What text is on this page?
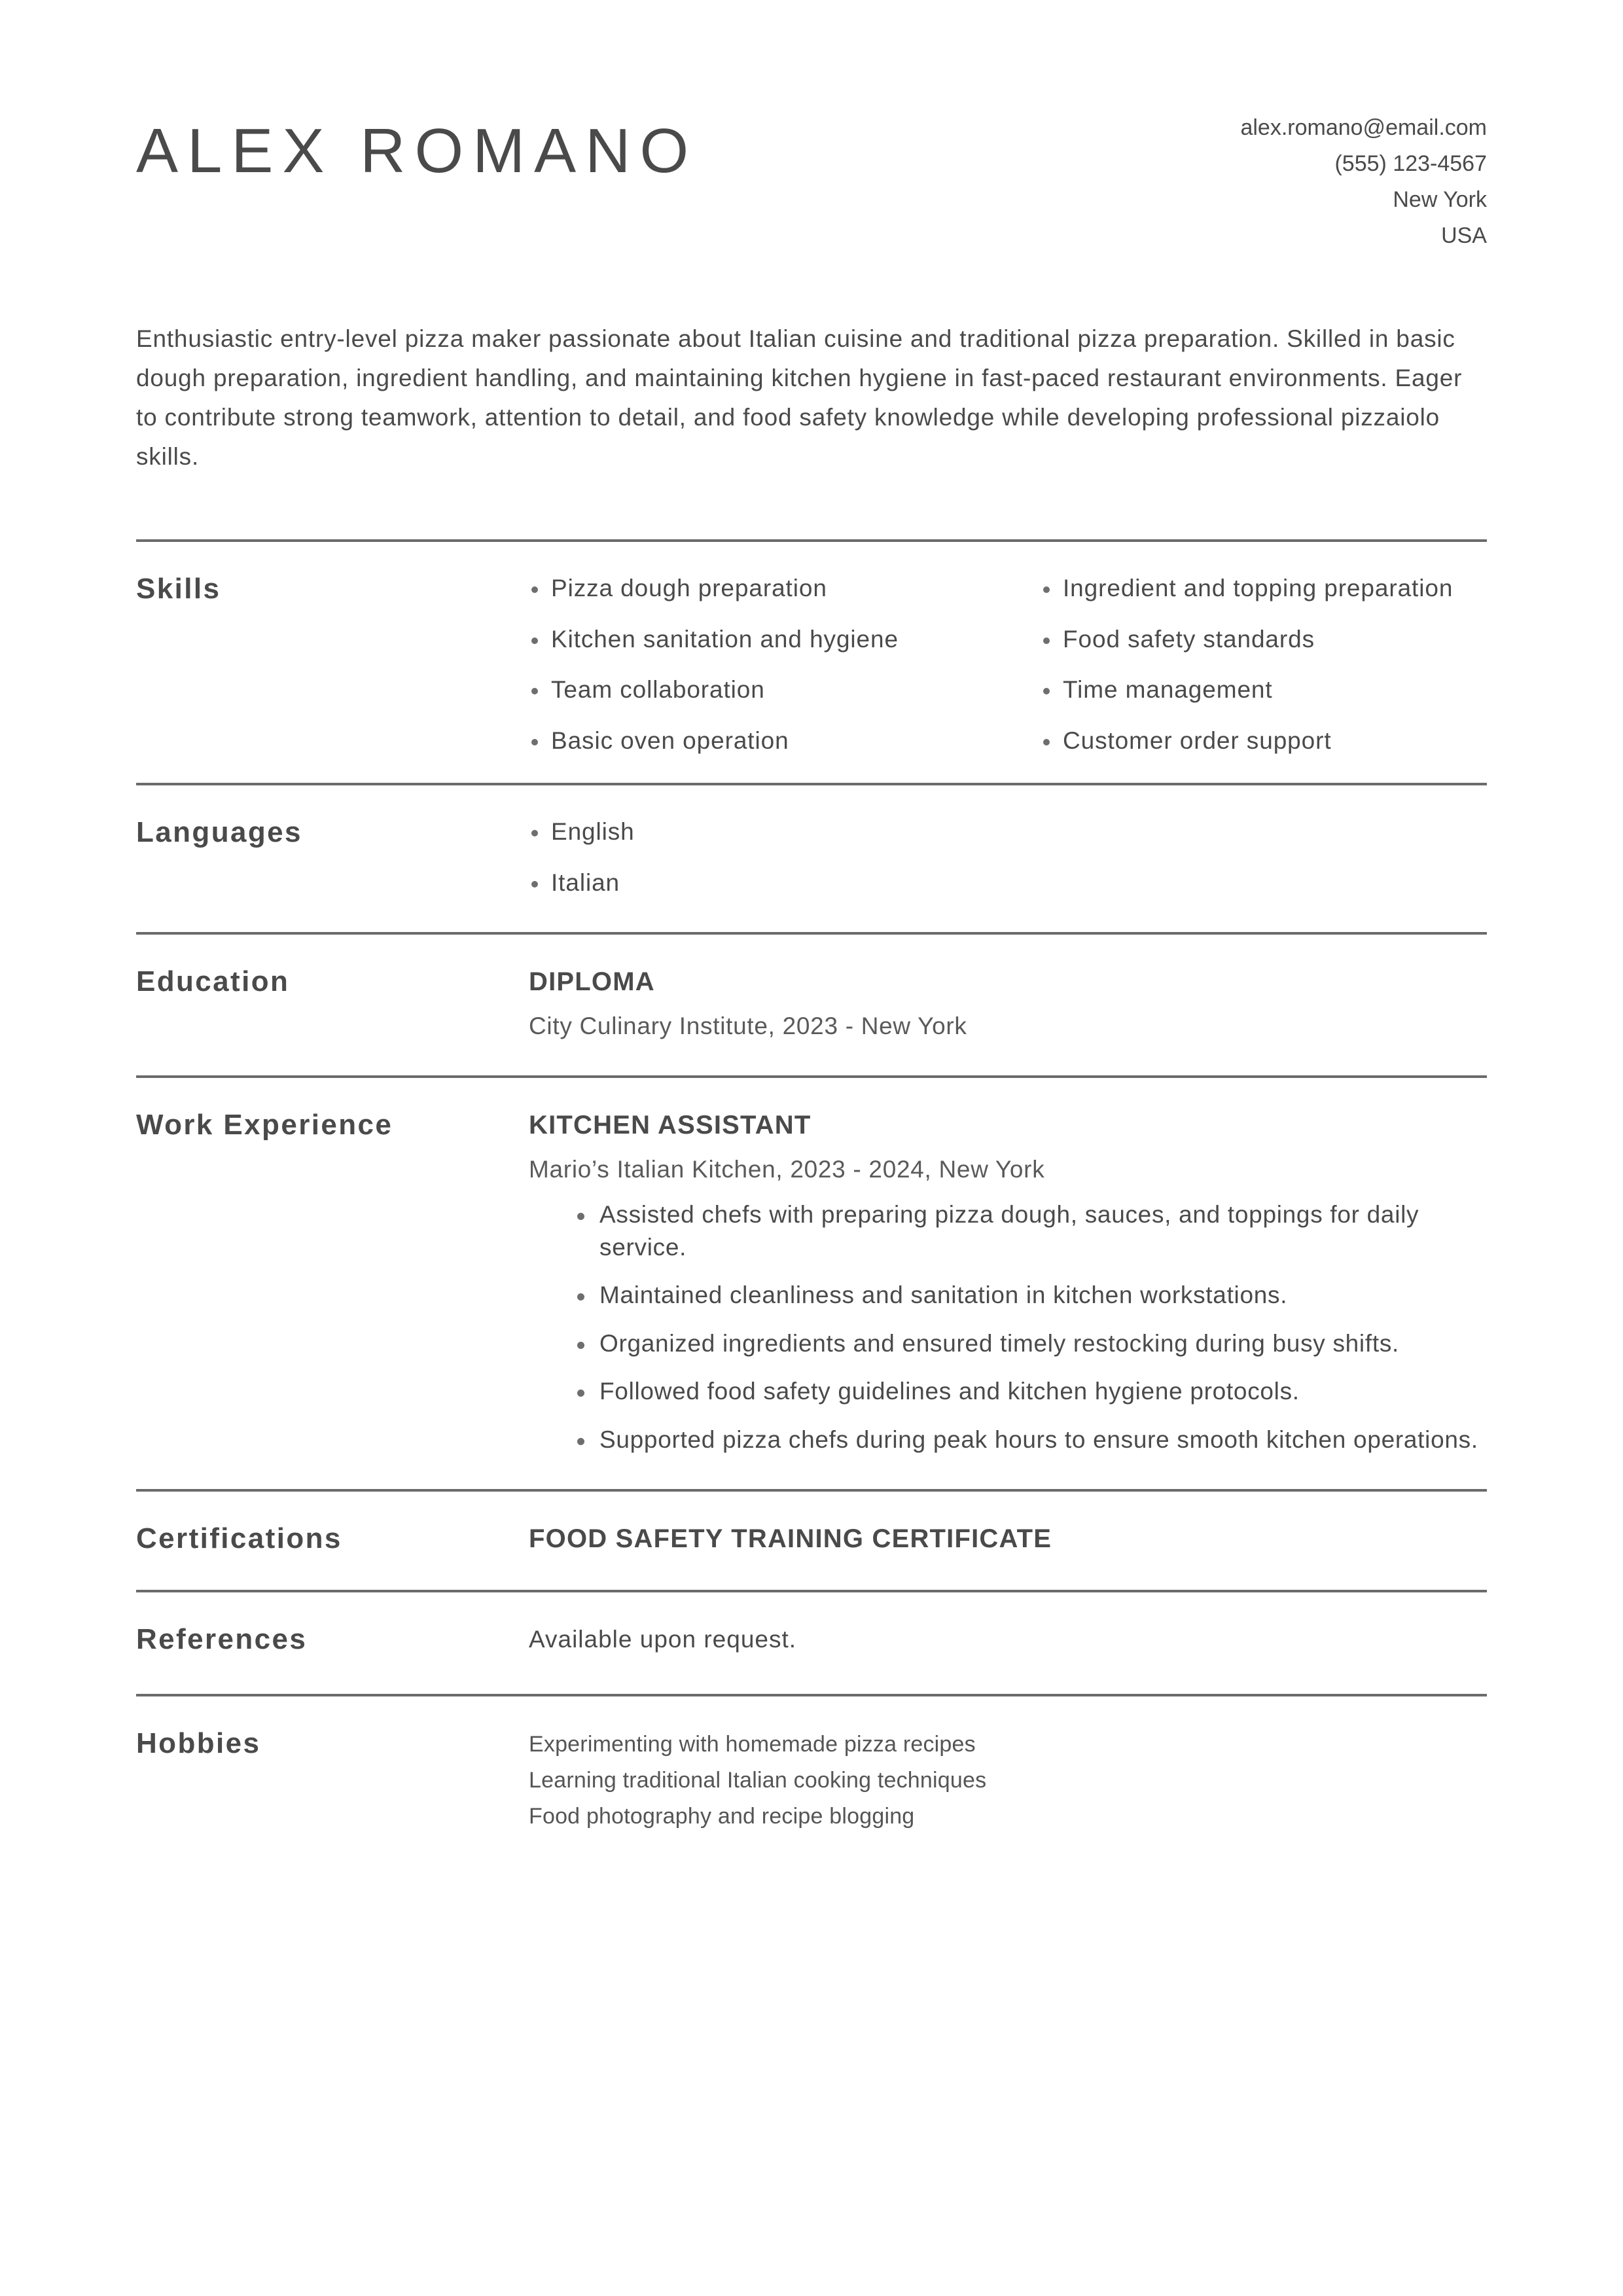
ALEX ROMANO	alex.romano@email.com
(555) 123-4567
New York
USA
Enthusiastic entry-level pizza maker passionate about Italian cuisine and traditional pizza preparation. Skilled in basic dough preparation, ingredient handling, and maintaining kitchen hygiene in fast-paced restaurant environments. Eager to contribute strong teamwork, attention to detail, and food safety knowledge while developing professional pizzaiolo skills.
Skills	Pizza dough preparation
Kitchen sanitation and hygiene
Team collaboration
Basic oven operation
Ingredient and topping preparation
Food safety standards
Time management
Customer order support
Languages	English
Italian
Education	DIPLOMA
City Culinary Institute, 2023 - New York
Work Experience	KITCHEN ASSISTANT
Mario’s Italian Kitchen, 2023 - 2024, New York
Assisted chefs with preparing pizza dough, sauces, and toppings for daily service.
Maintained cleanliness and sanitation in kitchen workstations.
Organized ingredients and ensured timely restocking during busy shifts.
Followed food safety guidelines and kitchen hygiene protocols.
Supported pizza chefs during peak hours to ensure smooth kitchen operations.
Certifications	FOOD SAFETY TRAINING CERTIFICATE
References	Available upon request.
Hobbies	Experimenting with homemade pizza recipes
Learning traditional Italian cooking techniques
Food photography and recipe blogging
